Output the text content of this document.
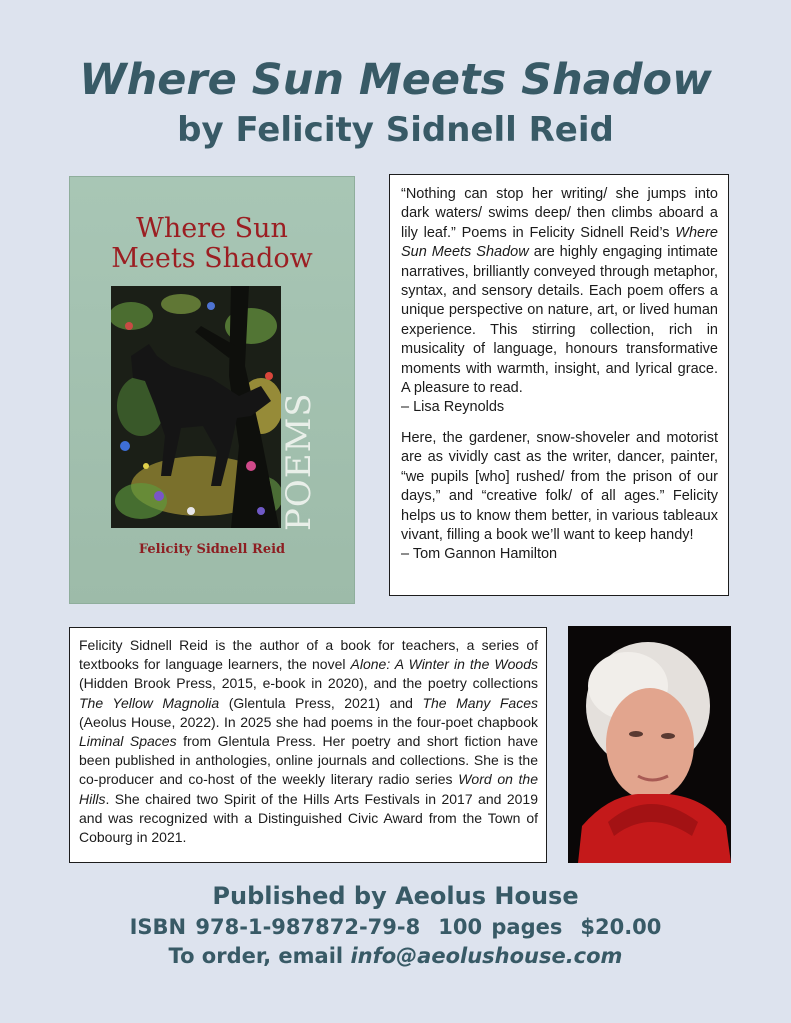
Where Sun Meets Shadow
by Felicity Sidnell Reid
Where Sun
Meets Shadow
POEMS
Felicity Sidnell Reid

“Nothing can stop her writing/ she jumps into dark waters/ swims deep/ then climbs aboard a lily leaf.” Poems in Felicity Sidnell Reid’s Where Sun Meets Shadow are highly engaging intimate narratives, brilliantly conveyed through metaphor, syntax, and sensory details. Each poem offers a unique perspective on nature, art, or lived human experience. This stirring collection, rich in musicality of language, honours transformative moments with warmth, insight, and lyrical grace. A pleasure to read.

– Lisa Reynolds

Here, the gardener, snow-shoveler and motorist are as vividly cast as the writer, dancer, painter, “we pupils [who] rushed/ from the prison of our days,” and “creative folk/ of all ages.” Felicity helps us to know them better, in various tableaux vivant, filling a book we’ll want to keep handy!

– Tom Gannon Hamilton

Felicity Sidnell Reid is the author of a book for teachers, a series of textbooks for language learners, the novel Alone: A Winter in the Woods (Hidden Brook Press, 2015, e-book in 2020), and the poetry collections The Yellow Magnolia (Glentula Press, 2021) and The Many Faces (Aeolus House, 2022). In 2025 she had poems in the four-poet chapbook Liminal Spaces from Glentula Press. Her poetry and short fiction have been published in anthologies, online journals and collections. She is the co-producer and co-host of the weekly literary radio series Word on the Hills. She chaired two Spirit of the Hills Arts Festivals in 2017 and 2019 and was recognized with a Distinguished Civic Award from the Town of Cobourg in 2021.

Published by Aeolus House

ISBN 978-1-987872-79-8 100 pages $20.00

To order, email info@aeolushouse.com
